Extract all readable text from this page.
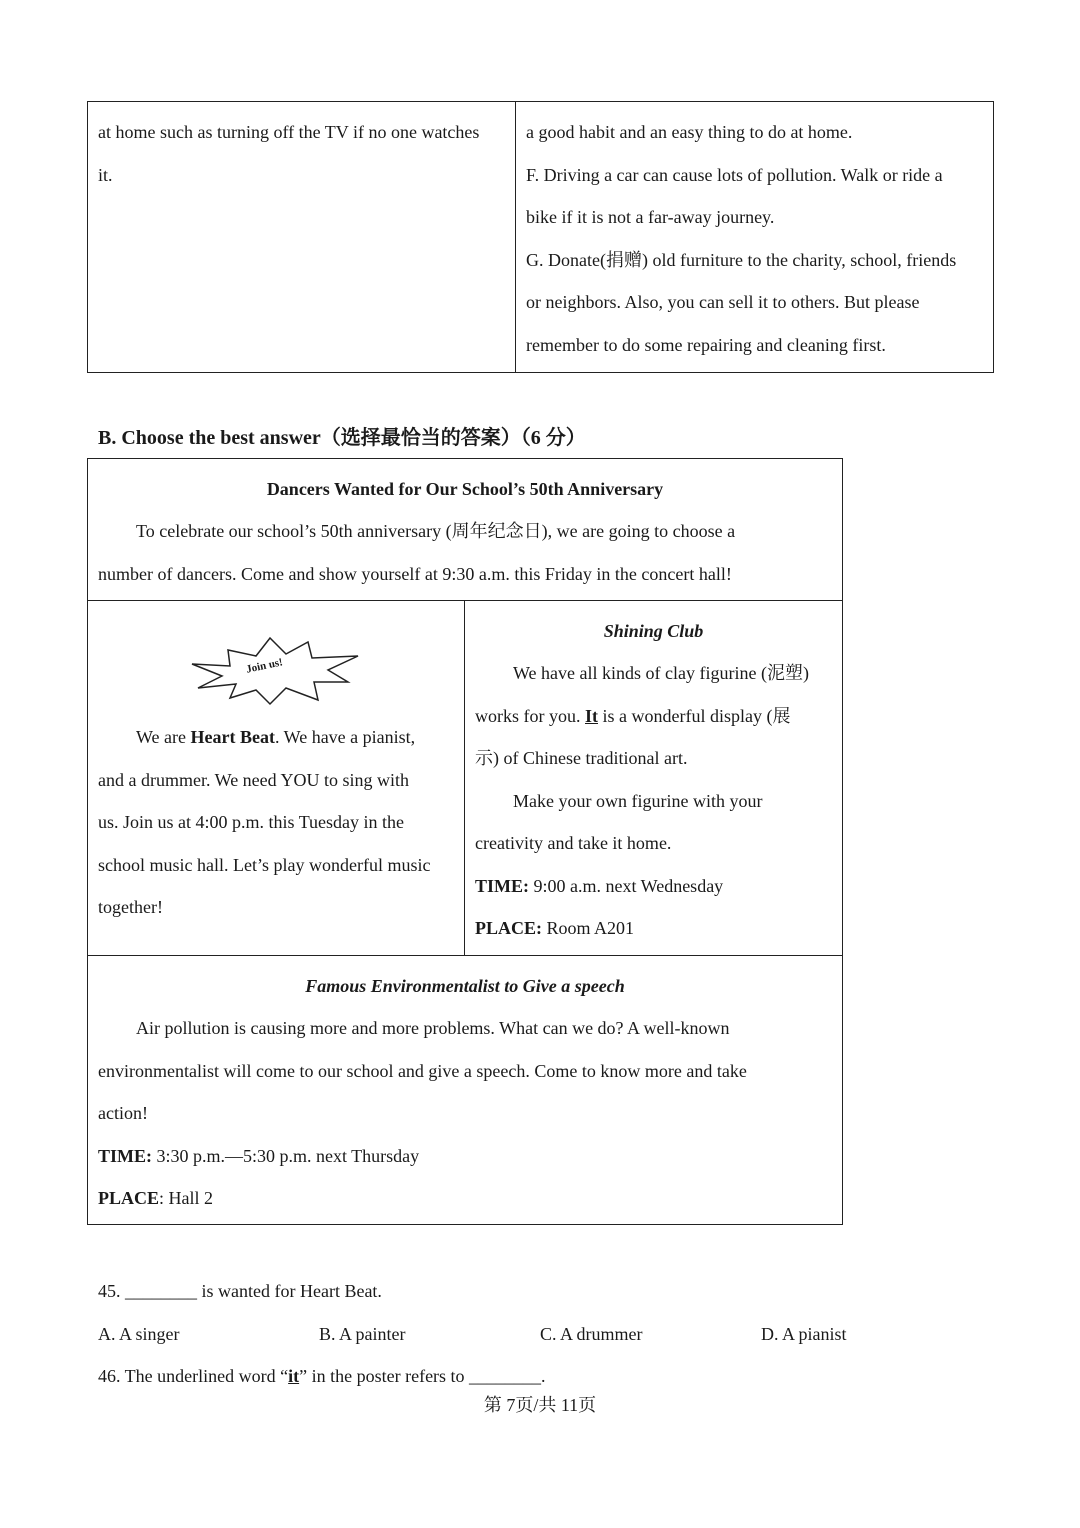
at home such as turning off the TV if no one watches
it.
a good habit and an easy thing to do at home.
F. Driving a car can cause lots of pollution. Walk or ride a
bike if it is not a far-away journey.
G. Donate(捐赠) old furniture to the charity, school, friends
or neighbors. Also, you can sell it to others. But please
remember to do some repairing and cleaning first.
B. Choose the best answer（选择最恰当的答案）（6 分）
Dancers Wanted for Our School’s 50th Anniversary
To celebrate our school’s 50th anniversary (周年纪念日), we are going to choose a
number of dancers. Come and show yourself at 9:30 a.m. this Friday in the concert hall!
Join us!
We are Heart Beat. We have a pianist,
and a drummer. We need YOU to sing with
us. Join us at 4:00 p.m. this Tuesday in the
school music hall. Let’s play wonderful music
together!
Shining Club
We have all kinds of clay figurine (泥塑)
works for you. It is a wonderful display (展
示) of Chinese traditional art.
Make your own figurine with your
creativity and take it home.
TIME: 9:00 a.m. next Wednesday
PLACE: Room A201
Famous Environmentalist to Give a speech
Air pollution is causing more and more problems. What can we do? A well-known
environmentalist will come to our school and give a speech. Come to know more and take
action!
TIME: 3:30 p.m.—5:30 p.m. next Thursday
PLACE: Hall 2
45. ________ is wanted for Heart Beat.
A. A singer	B. A painter	C. A drummer	D. A pianist
46. The underlined word “it” in the poster refers to ________.
第 7页/共 11页
